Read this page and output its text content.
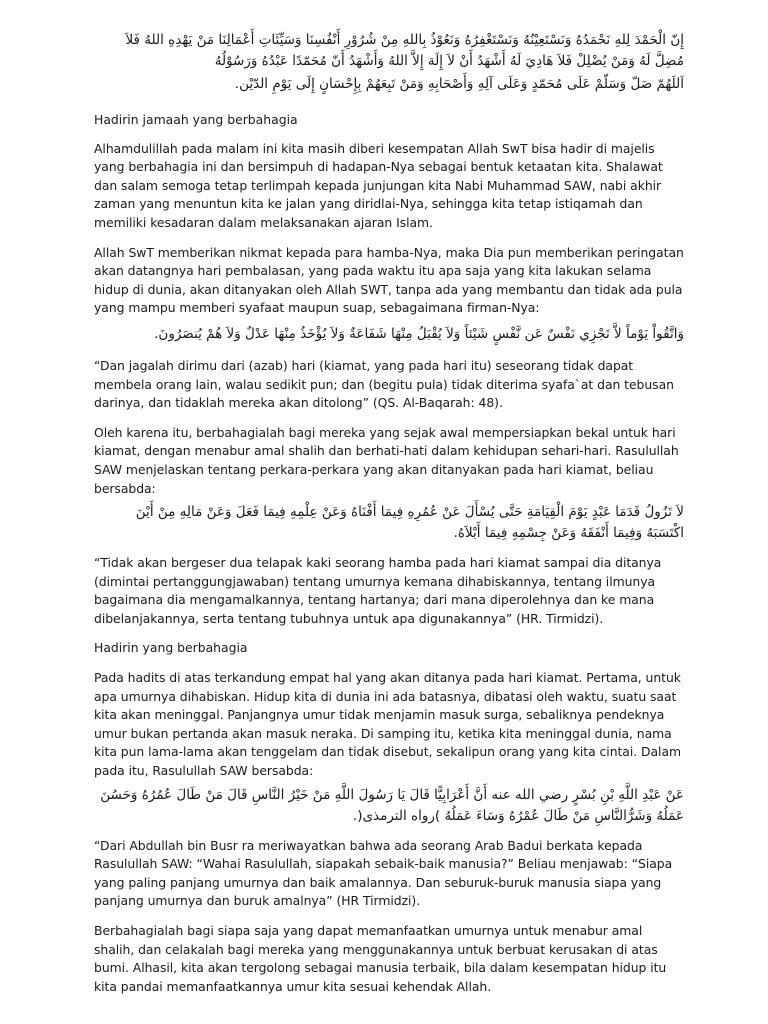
إِنّ الْحَمْدَ لِلهِ نَحْمَدُهُ وَنَسْتَعِيْنُهُ وَنَسْتَغْفِرُهُ وَنَعُوْذُ بِاللهِ مِنْ شُرُوْرِ أَنْفُسِنَا وَسَيِّئَاتِ أَعْمَالِنَا مَنْ يَهْدِهِ اللهُ فَلاَ مُضِلَّ لَهُ وَمَنْ يُضْلِلْ فَلاَ هَادِيَ لَهُ أَشْهَدُ أَنْ لاَ إِلَهَ إِلاَّ اللهُ وَأَشْهَدُ أَنّ مُحَمّدًا عَبْدُهُ وَرَسُوْلُهُ

اَللَهُمّ صَلّ وَسَلّمْ عَلَى مُحَمّدٍ وَعَلَى آلِهِ وَأَصْحَابِهِ وَمَنْ تَبِعَهُمْ بِإِحْسَانٍ إِلَى يَوْمِ الدّيْن.

Hadirin jamaah yang berbahagia

Alhamdulillah pada malam ini kita masih diberi kesempatan Allah SwT bisa hadir di majelis yang berbahagia ini dan bersimpuh di hadapan-Nya sebagai bentuk ketaatan kita. Shalawat dan salam semoga tetap terlimpah kepada junjungan kita Nabi Muhammad SAW, nabi akhir zaman yang menuntun kita ke jalan yang diridlai-Nya, sehingga kita tetap istiqamah dan memiliki kesadaran dalam melaksanakan ajaran Islam.

Allah SwT memberikan nikmat kepada para hamba-Nya, maka Dia pun memberikan peringatan akan datangnya hari pembalasan, yang pada waktu itu apa saja yang kita lakukan selama hidup di dunia, akan ditanyakan oleh Allah SWT, tanpa ada yang membantu dan tidak ada pula yang mampu memberi syafaat maupun suap, sebagaimana firman-Nya:

وَاتَّقُواْ يَوْماً لاَّ تَجْزِي نَفْسٌ عَن نَّفْسٍ شَيْئاً وَلاَ يُقْبَلُ مِنْهَا شَفَاعَةٌ وَلاَ يُؤْخَذُ مِنْهَا عَدْلٌ وَلاَ هُمْ يُنصَرُونَ.

“Dan jagalah dirimu dari (azab) hari (kiamat, yang pada hari itu) seseorang tidak dapat membela orang lain, walau sedikit pun; dan (begitu pula) tidak diterima syafa`at dan tebusan darinya, dan tidaklah mereka akan ditolong” (QS. Al-Baqarah: 48).

Oleh karena itu, berbahagialah bagi mereka yang sejak awal mempersiapkan bekal untuk hari kiamat, dengan menabur amal shalih dan berhati-hati dalam kehidupan sehari-hari. Rasulullah SAW menjelaskan tentang perkara-perkara yang akan ditanyakan pada hari kiamat, beliau bersabda:

لاَ تَزُولُ قَدَمَا عَبْدٍ يَوْمَ الْقِيَامَةِ حَتَّى يُسْأَلَ عَنْ عُمُرِهِ فِيمَا أَفْنَاهُ وَعَنْ عِلْمِهِ فِيمَا فَعَلَ وَعَنْ مَالِهِ مِنْ أَيْنَ اكْتَسَبَهُ وَفِيمَا أَنْفَقَهُ وَعَنْ جِسْمِهِ فِيمَا أَبْلاَهُ.

“Tidak akan bergeser dua telapak kaki seorang hamba pada hari kiamat sampai dia ditanya (dimintai pertanggungjawaban) tentang umurnya kemana dihabiskannya, tentang ilmunya bagaimana dia mengamalkannya, tentang hartanya; dari mana diperolehnya dan ke mana dibelanjakannya, serta tentang tubuhnya untuk apa digunakannya” (HR. Tirmidzi).

Hadirin yang berbahagia

Pada hadits di atas terkandung empat hal yang akan ditanya pada hari kiamat. Pertama, untuk apa umurnya dihabiskan. Hidup kita di dunia ini ada batasnya, dibatasi oleh waktu, suatu saat kita akan meninggal. Panjangnya umur tidak menjamin masuk surga, sebaliknya pendeknya umur bukan pertanda akan masuk neraka. Di samping itu, ketika kita meninggal dunia, nama kita pun lama-lama akan tenggelam dan tidak disebut, sekalipun orang yang kita cintai. Dalam pada itu, Rasulullah SAW bersabda:

عَنْ عَبْدِ اللَّهِ بْنِ بُسْرٍ رضي الله عنه أَنَّ أَعْرَابِيًّا قَالَ يَا رَسُولَ اللَّهِ مَنْ خَيْرُ النَّاسِ قَالَ مَنْ طَالَ عُمُرُهُ وَحَسُنَ عَمَلُهُ وَشَرُّالنَّاسِ مَنْ طَالَ عُمْرُهُ وَسَاءَ عَمَلُهُ )رواه الترمذى(.

“Dari Abdullah bin Busr ra meriwayatkan bahwa ada seorang Arab Badui berkata kepada Rasulullah SAW: “Wahai Rasulullah, siapakah sebaik-baik manusia?” Beliau menjawab: “Siapa yang paling panjang umurnya dan baik amalannya. Dan seburuk-buruk manusia siapa yang panjang umurnya dan buruk amalnya” (HR Tirmidzi).

Berbahagialah bagi siapa saja yang dapat memanfaatkan umurnya untuk menabur amal shalih, dan celakalah bagi mereka yang menggunakannya untuk berbuat kerusakan di atas bumi. Alhasil, kita akan tergolong sebagai manusia terbaik, bila dalam kesempatan hidup itu kita pandai memanfaatkannya umur kita sesuai kehendak Allah.
